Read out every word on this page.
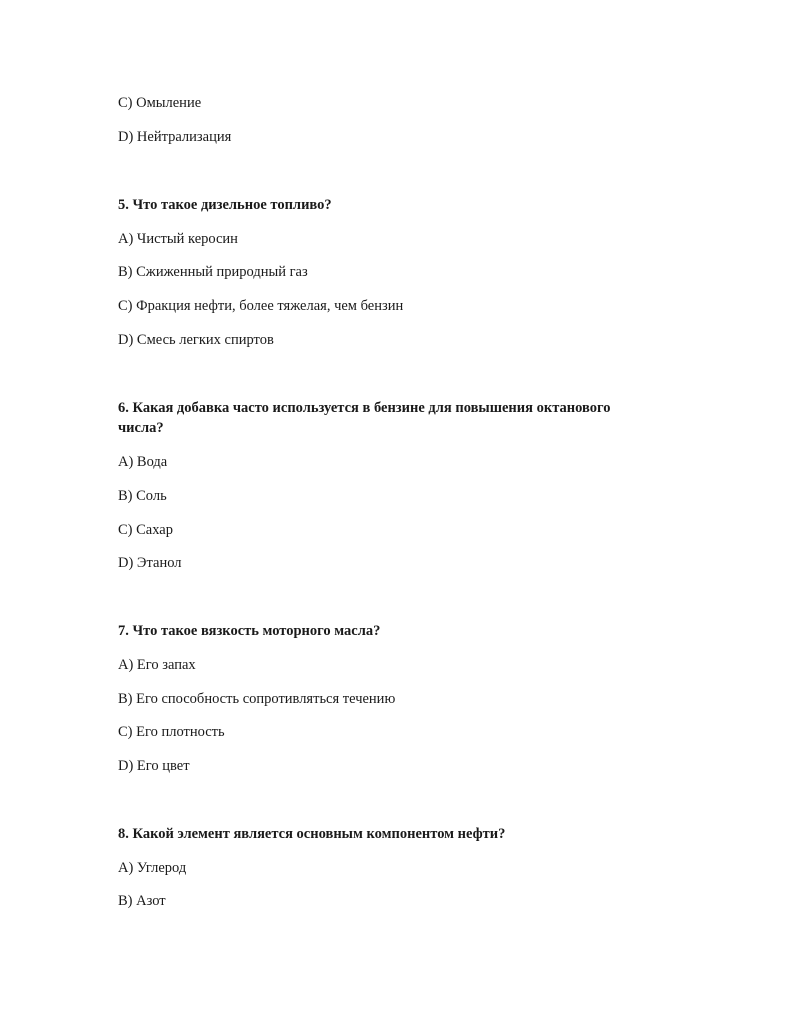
C) Омыление
D) Нейтрализация
5. Что такое дизельное топливо?
A) Чистый керосин
B) Сжиженный природный газ
C) Фракция нефти, более тяжелая, чем бензин
D) Смесь легких спиртов
6. Какая добавка часто используется в бензине для повышения октанового
числа?
A) Вода
B) Соль
C) Сахар
D) Этанол
7. Что такое вязкость моторного масла?
A) Его запах
B) Его способность сопротивляться течению
C) Его плотность
D) Его цвет
8. Какой элемент является основным компонентом нефти?
A) Углерод
B) Азот
